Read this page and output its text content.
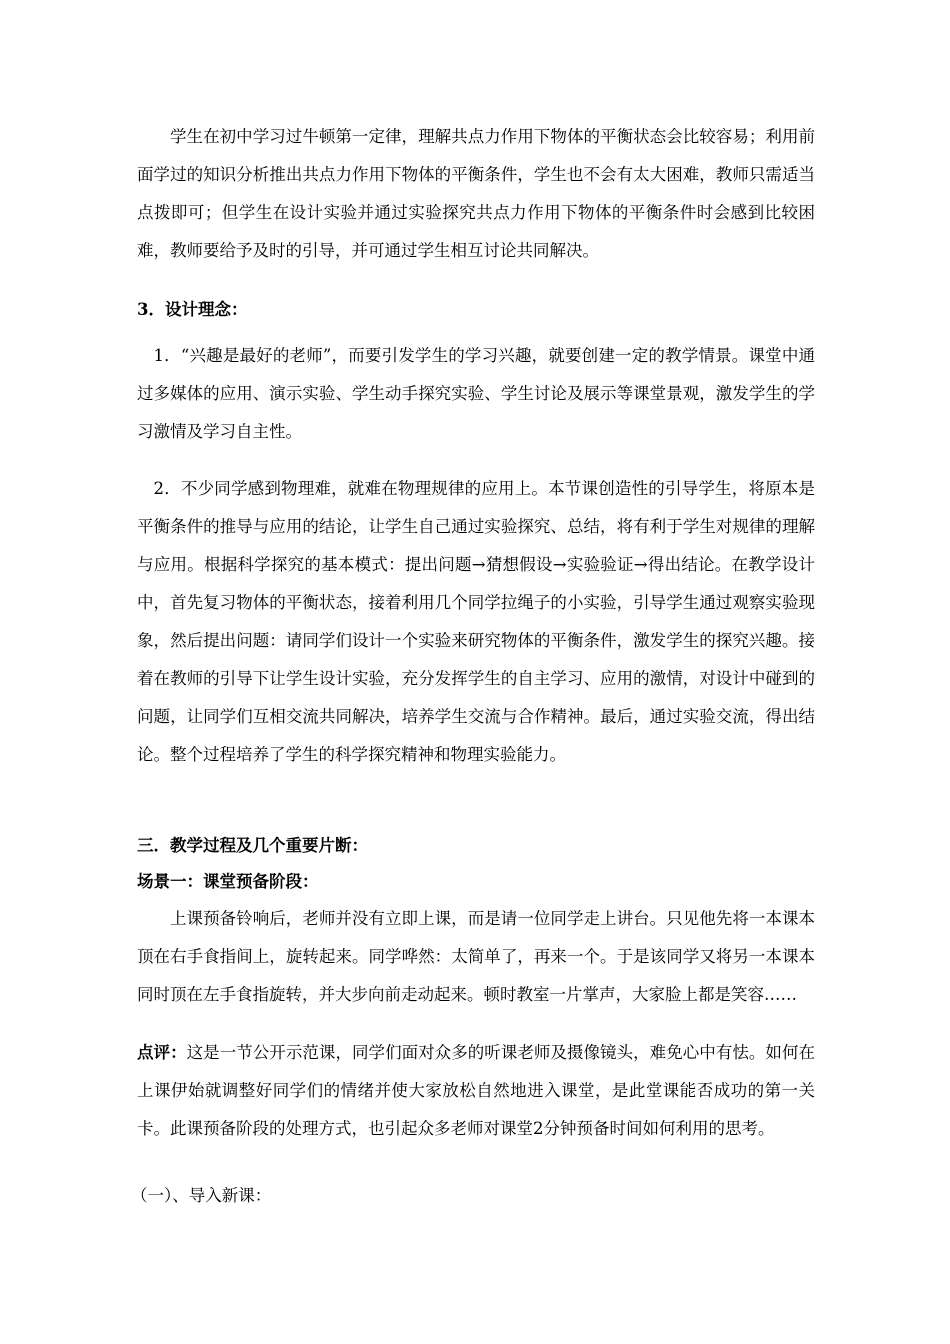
学生在初中学习过牛顿第一定律，理解共点力作用下物体的平衡状态会比较容易；利用前面学过的知识分析推出共点力作用下物体的平衡条件，学生也不会有太大困难，教师只需适当点拨即可；但学生在设计实验并通过实验探究共点力作用下物体的平衡条件时会感到比较困难，教师要给予及时的引导，并可通过学生相互讨论共同解决。

3．设计理念：

1．“兴趣是最好的老师”，而要引发学生的学习兴趣，就要创建一定的教学情景。课堂中通过多媒体的应用、演示实验、学生动手探究实验、学生讨论及展示等课堂景观，激发学生的学习激情及学习自主性。

2．不少同学感到物理难，就难在物理规律的应用上。本节课创造性的引导学生，将原本是平衡条件的推导与应用的结论，让学生自己通过实验探究、总结，将有利于学生对规律的理解与应用。根据科学探究的基本模式：提出问题→猜想假设→实验验证→得出结论。在教学设计中，首先复习物体的平衡状态，接着利用几个同学拉绳子的小实验，引导学生通过观察实验现象，然后提出问题：请同学们设计一个实验来研究物体的平衡条件，激发学生的探究兴趣。接着在教师的引导下让学生设计实验，充分发挥学生的自主学习、应用的激情，对设计中碰到的问题，让同学们互相交流共同解决，培养学生交流与合作精神。最后，通过实验交流，得出结论。整个过程培养了学生的科学探究精神和物理实验能力。

三．教学过程及几个重要片断：

场景一：课堂预备阶段：

上课预备铃响后，老师并没有立即上课，而是请一位同学走上讲台。只见他先将一本课本顶在右手食指间上，旋转起来。同学哗然：太简单了，再来一个。于是该同学又将另一本课本同时顶在左手食指旋转，并大步向前走动起来。顿时教室一片掌声，大家脸上都是笑容……

点评：这是一节公开示范课，同学们面对众多的听课老师及摄像镜头，难免心中有怯。如何在上课伊始就调整好同学们的情绪并使大家放松自然地进入课堂，是此堂课能否成功的第一关卡。此课预备阶段的处理方式，也引起众多老师对课堂2分钟预备时间如何利用的思考。

（一）、导入新课：
